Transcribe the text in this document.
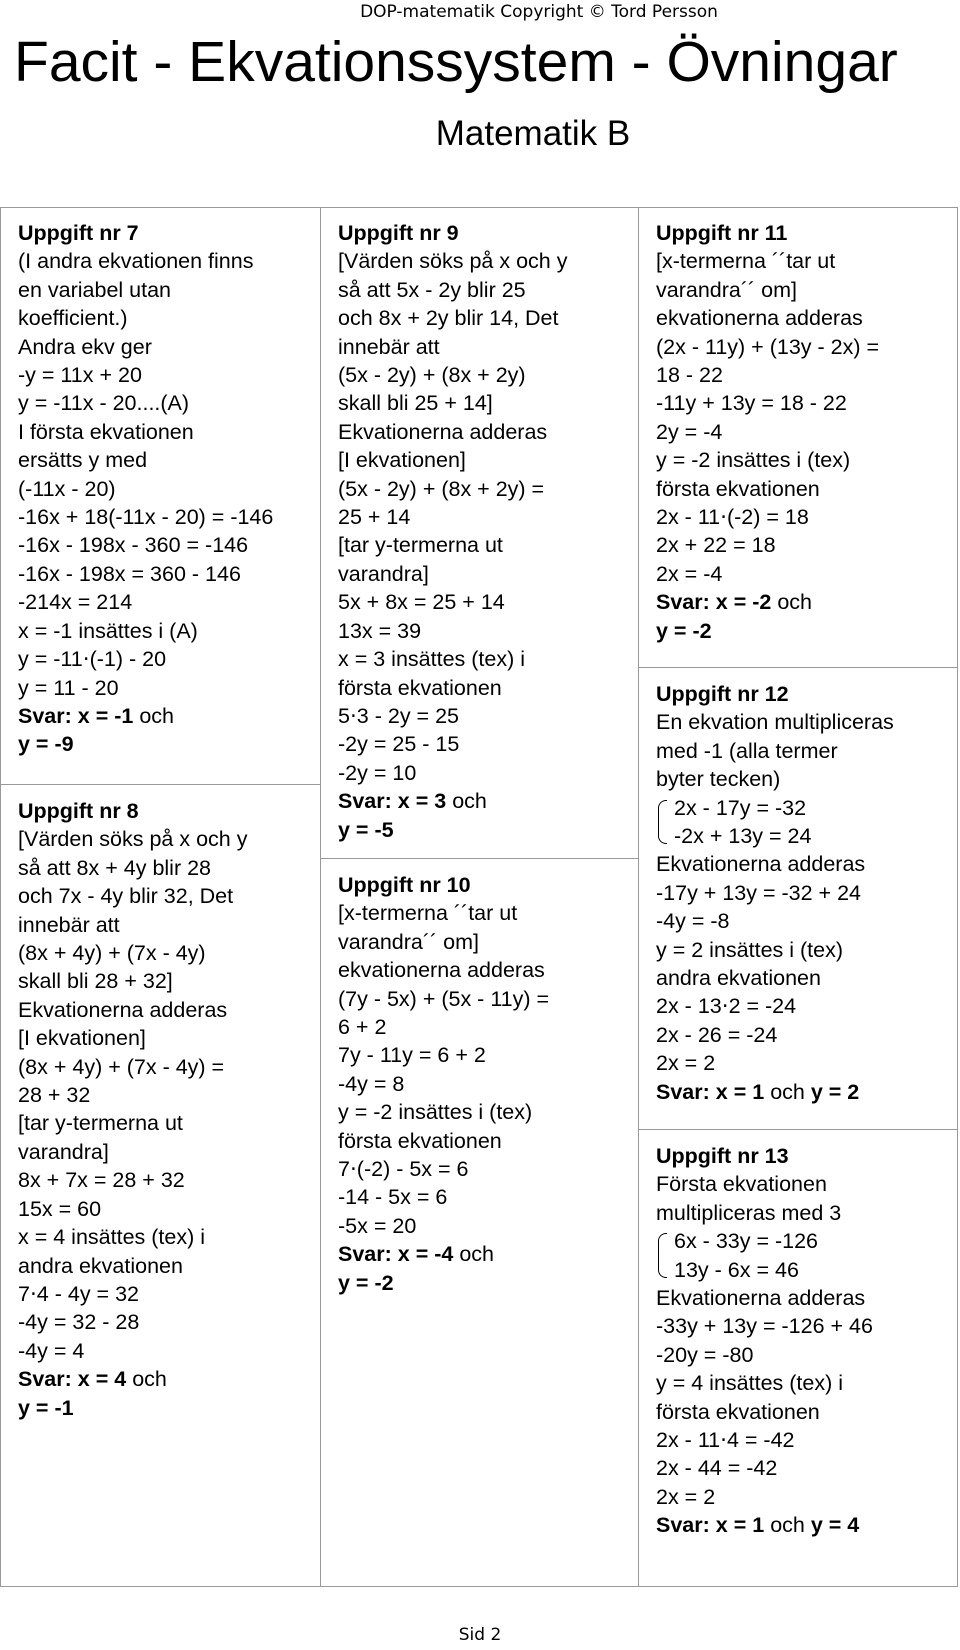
DOP-matematik Copyright © Tord Persson
Facit - Ekvationssystem - Övningar
Matematik B
Uppgift nr 7
(I andra ekvationen finns
en variabel utan
koefficient.)
Andra ekv ger
-y = 11x + 20
y = -11x - 20....(A)
I första ekvationen
ersätts y med
(-11x - 20)
-16x + 18(-11x - 20) = -146
-16x - 198x - 360 = -146
-16x - 198x = 360 - 146
-214x = 214
x = -1 insättes i (A)
y = -11⋅(-1) - 20
y = 11 - 20
Svar: x = -1 och
y = -9
Uppgift nr 8
[Värden söks på x och y
så att 8x + 4y blir 28
och 7x - 4y blir 32, Det
innebär att
(8x + 4y) + (7x - 4y)
skall bli 28 + 32]
Ekvationerna adderas
[I ekvationen]
(8x + 4y) + (7x - 4y) =
28 + 32
[tar y-termerna ut
varandra]
8x + 7x = 28 + 32
15x = 60
x = 4 insättes (tex) i
andra ekvationen
7⋅4 - 4y = 32
-4y = 32 - 28
-4y = 4
Svar: x = 4 och
y = -1
Uppgift nr 9
[Värden söks på x och y
så att 5x - 2y blir 25
och 8x + 2y blir 14, Det
innebär att
(5x - 2y) + (8x + 2y)
skall bli 25 + 14]
Ekvationerna adderas
[I ekvationen]
(5x - 2y) + (8x + 2y) =
25 + 14
[tar y-termerna ut
varandra]
5x + 8x = 25 + 14
13x = 39
x = 3 insättes (tex) i
första ekvationen
5⋅3 - 2y = 25
-2y = 25 - 15
-2y = 10
Svar: x = 3 och
y = -5
Uppgift nr 10
[x-termerna ´´tar ut
varandra´´ om]
ekvationerna adderas
(7y - 5x) + (5x - 11y) =
6 + 2
7y - 11y = 6 + 2
-4y = 8
y = -2 insättes i (tex)
första ekvationen
7⋅(-2) - 5x = 6
-14 - 5x = 6
-5x = 20
Svar: x = -4 och
y = -2
Uppgift nr 11
[x-termerna ´´tar ut
varandra´´ om]
ekvationerna adderas
(2x - 11y) + (13y - 2x) =
18 - 22
-11y + 13y = 18 - 22
2y = -4
y = -2 insättes i (tex)
första ekvationen
2x - 11⋅(-2) = 18
2x + 22 = 18
2x = -4
Svar: x = -2 och
y = -2
Uppgift nr 12
En ekvation multipliceras
med -1 (alla termer
byter tecken)
2x - 17y = -32
-2x + 13y = 24
Ekvationerna adderas
-17y + 13y = -32 + 24
-4y = -8
y = 2 insättes i (tex)
andra ekvationen
2x - 13⋅2 = -24
2x - 26 = -24
2x = 2
Svar: x = 1 och y = 2
Uppgift nr 13
Första ekvationen
multipliceras med 3
6x - 33y = -126
13y - 6x = 46
Ekvationerna adderas
-33y + 13y = -126 + 46
-20y = -80
y = 4 insättes (tex) i
första ekvationen
2x - 11⋅4 = -42
2x - 44 = -42
2x = 2
Svar: x = 1 och y = 4
Sid 2
